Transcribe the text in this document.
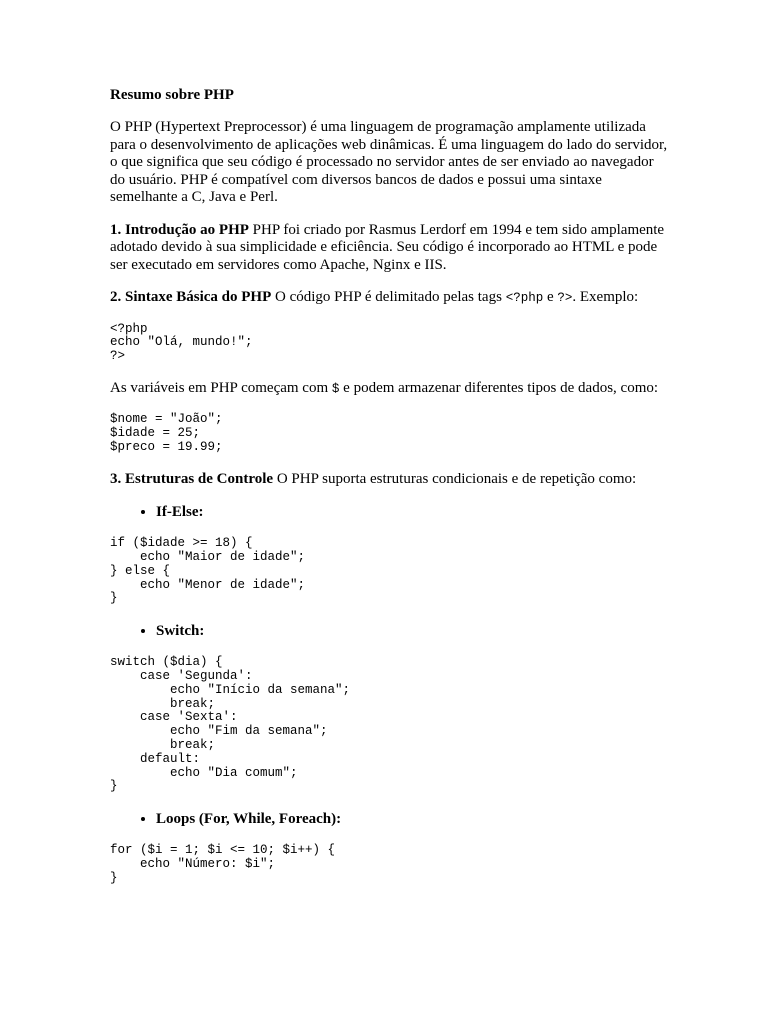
Resumo sobre PHP

O PHP (Hypertext Preprocessor) é uma linguagem de programação amplamente utilizada para o desenvolvimento de aplicações web dinâmicas. É uma linguagem do lado do servidor, o que significa que seu código é processado no servidor antes de ser enviado ao navegador do usuário. PHP é compatível com diversos bancos de dados e possui uma sintaxe semelhante a C, Java e Perl.

1. Introdução ao PHP PHP foi criado por Rasmus Lerdorf em 1994 e tem sido amplamente adotado devido à sua simplicidade e eficiência. Seu código é incorporado ao HTML e pode ser executado em servidores como Apache, Nginx e IIS.

2. Sintaxe Básica do PHP O código PHP é delimitado pelas tags <?php e ?>. Exemplo:

<?php
echo "Olá, mundo!";
?>

As variáveis em PHP começam com $ e podem armazenar diferentes tipos de dados, como:

$nome = "João";
$idade = 25;
$preco = 19.99;

3. Estruturas de Controle O PHP suporta estruturas condicionais e de repetição como:

• If-Else:
if ($idade >= 18) {
echo "Maior de idade";
} else {
echo "Menor de idade";
}
• Switch:
switch ($dia) {
case 'Segunda':
echo "Início da semana";
break;
case 'Sexta':
echo "Fim da semana";
break;
default:
echo "Dia comum";
}
• Loops (For, While, Foreach):
for ($i = 1; $i <= 10; $i++) {
echo "Número: $i";
}
